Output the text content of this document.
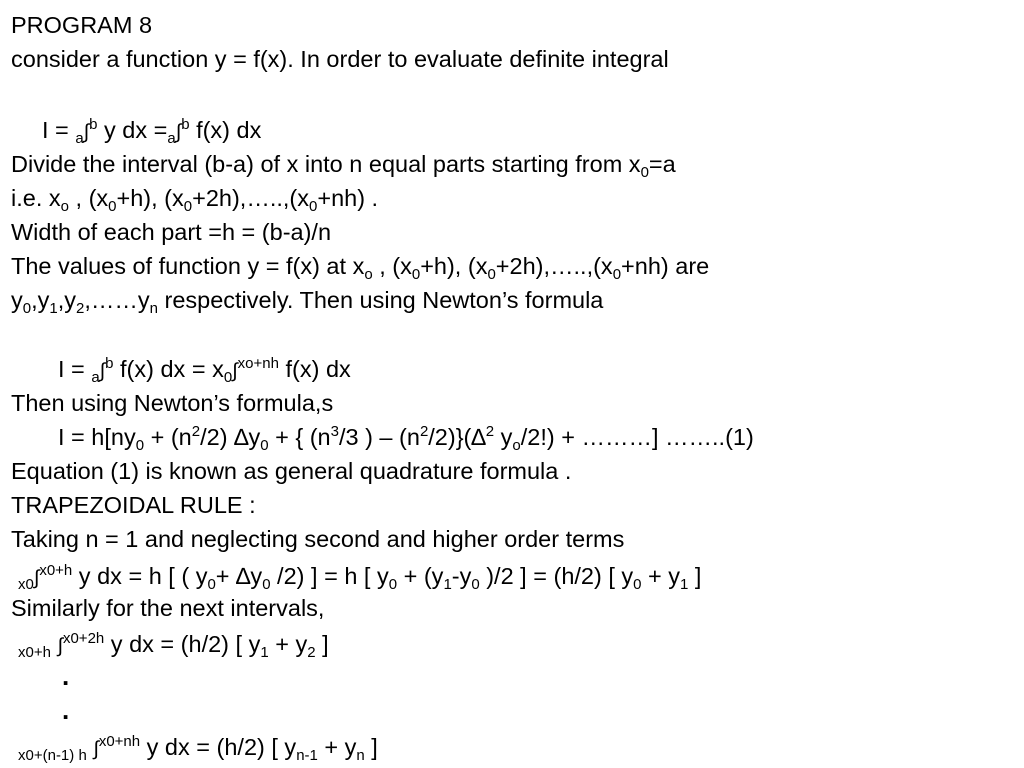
PROGRAM 8
consider a function y = f(x). In order to evaluate definite integral
I = $_a$∫$^b$ y dx $=_a\int^b$ f(x) dx
Divide the interval (b-a) of x into n equal parts starting from $x_0=a$
i.e. $x_o$ , $(x_0+h)$, $(x_0+2h),\dots..,(x_0+nh)$ .
Width of each part =h = (b-a)/n
The values of function y = f(x) at $x_o$ , $(x_0+h)$, $(x_0+2h),\dots..,(x_0+nh)$ are
$y_0,y_1,y_2,\dots\dots y_n$ respectively. Then using Newton’s formula
I = $_a$∫$^b$ f(x) dx = $x_0\int^{xo+nh}$ f(x) dx
Then using Newton’s formula,s
$I = h[ny_0 + (n^2/2) \Delta y_0$ + { ($n^3/3$ ) – $(n^2/2)\}(\Delta^2$ $y_o/2$!) + ………] ……..(1)
Equation (1) is known as general quadrature formula .
TRAPEZOIDAL RULE :
Taking n = 1 and neglecting second and higher order terms
$_{x0}$∫$^{x0+h}$ y dx = h [ ( $y_0+ \Delta y_0$ /2) ] = h [ $y_0 + (y_1-y_0$ )/2 ] = (h/2) [ $y_0 + y_1$ ]
Similarly for the next intervals,
$_{x0+h}$ ∫$^{x0+2h}$ y dx = (h/2) [ $y_1 + y_2$ ]
.
.
$_{x0+(n-1) h}$ ∫$^{x0+nh}$ y dx = (h/2) [ $y_{n-1} + y_n$ ]
